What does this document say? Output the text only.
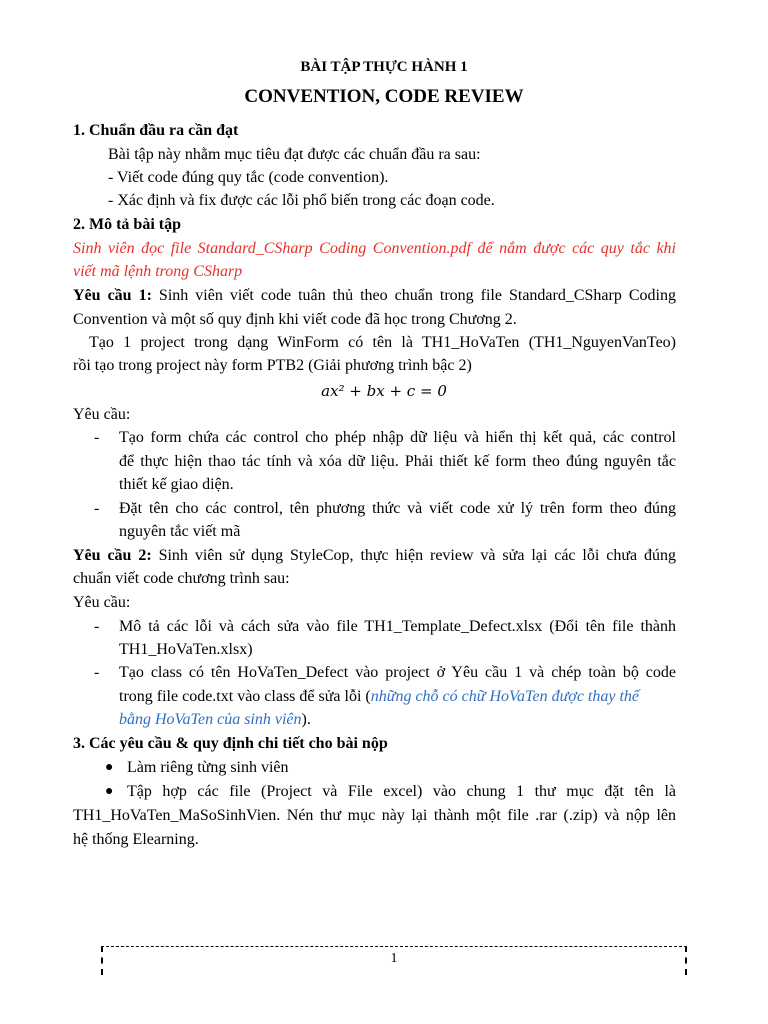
BÀI TẬP THỰC HÀNH 1
CONVENTION, CODE REVIEW
1. Chuẩn đầu ra cần đạt
Bài tập này nhằm mục tiêu đạt được các chuẩn đầu ra sau:
- Viết code đúng quy tắc (code convention).
- Xác định và fix được các lỗi phổ biến trong các đoạn code.
2. Mô tả bài tập
Sinh viên đọc file Standard_CSharp Coding Convention.pdf để nắm được các quy tắc khi
viết mã lệnh trong CSharp
Yêu cầu 1: Sinh viên viết code tuân thủ theo chuẩn trong file Standard_CSharp Coding
Convention và một số quy định khi viết code đã học trong Chương 2.
Tạo 1 project trong dạng WinForm có tên là TH1_HoVaTen (TH1_NguyenVanTeo)
rồi tạo trong project này form PTB2 (Giải phương trình bậc 2)
ax² + bx + c = 0
Yêu cầu:
- Tạo form chứa các control cho phép nhập dữ liệu và hiển thị kết quả, các control
để thực hiện thao tác tính và xóa dữ liệu. Phải thiết kế form theo đúng nguyên tắc
thiết kế giao diện.
- Đặt tên cho các control, tên phương thức và viết code xử lý trên form theo đúng
nguyên tắc viết mã
Yêu cầu 2: Sinh viên sử dụng StyleCop, thực hiện review và sửa lại các lỗi chưa đúng
chuẩn viết code chương trình sau:
Yêu cầu:
- Mô tả các lỗi và cách sửa vào file TH1_Template_Defect.xlsx (Đổi tên file thành
TH1_HoVaTen.xlsx)
- Tạo class có tên HoVaTen_Defect vào project ở Yêu cầu 1 và chép toàn bộ code
trong file code.txt vào class để sửa lỗi (những chỗ có chữ HoVaTen được thay thế
bằng HoVaTen của sinh viên).
3. Các yêu cầu & quy định chi tiết cho bài nộp
● Làm riêng từng sinh viên
● Tập hợp các file (Project và File excel) vào chung 1 thư mục đặt tên là
TH1_HoVaTen_MaSoSinhVien. Nén thư mục này lại thành một file .rar (.zip) và nộp lên
hệ thống Elearning.
1
